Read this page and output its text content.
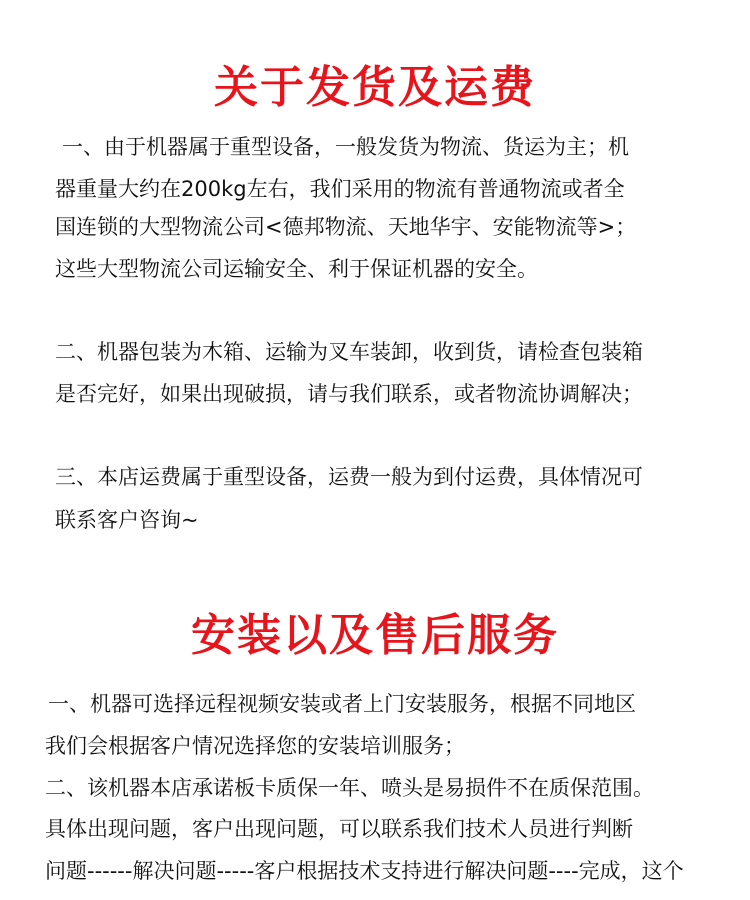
关于发货及运费

一、由于机器属于重型设备，一般发货为物流、货运为主；机

器重量大约在200kg左右，我们采用的物流有普通物流或者全

国连锁的大型物流公司<德邦物流、天地华宇、安能物流等>；

这些大型物流公司运输安全、利于保证机器的安全。

二、机器包装为木箱、运输为叉车装卸，收到货，请检查包装箱

是否完好，如果出现破损，请与我们联系，或者物流协调解决；

三、本店运费属于重型设备，运费一般为到付运费，具体情况可

联系客户咨询~

安装以及售后服务

一、机器可选择远程视频安装或者上门安装服务，根据不同地区

我们会根据客户情况选择您的安装培训服务；

二、该机器本店承诺板卡质保一年、喷头是易损件不在质保范围。

具体出现问题，客户出现问题，可以联系我们技术人员进行判断

问题------解决问题-----客户根据技术支持进行解决问题----完成，这个
